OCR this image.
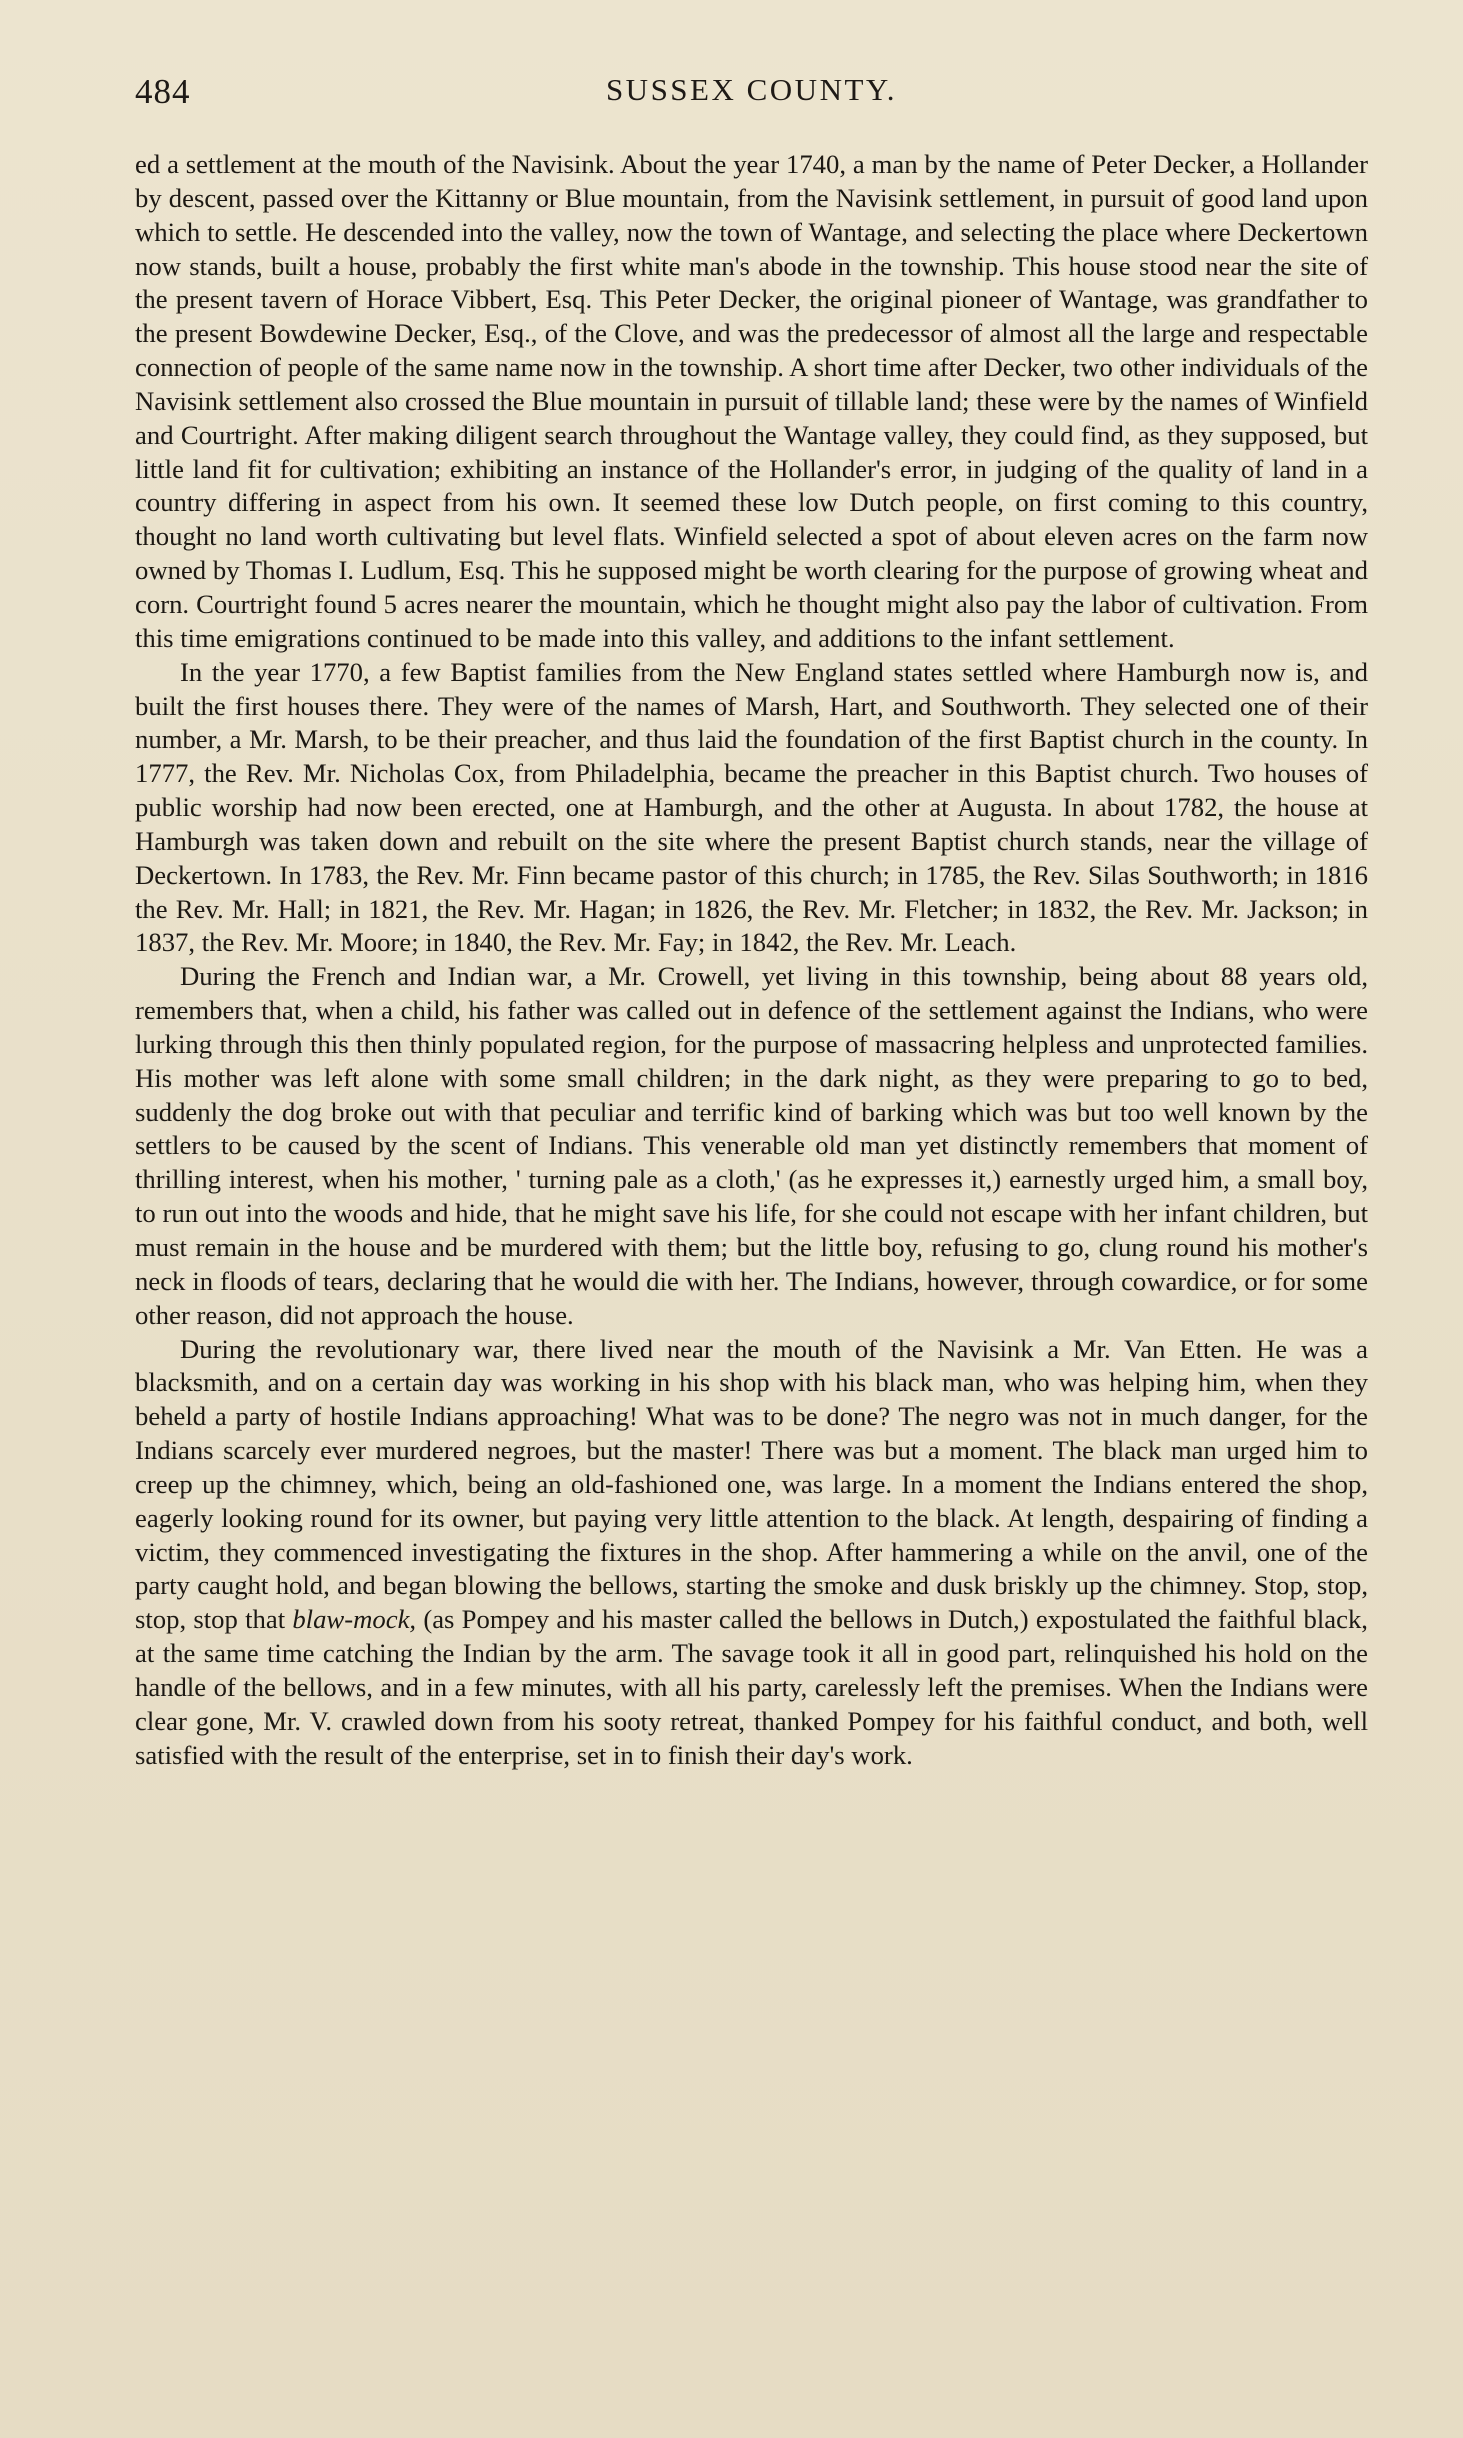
484	SUSSEX COUNTY.

ed a settlement at the mouth of the Navisink. About the year 1740, a man by the name of Peter Decker, a Hollander by descent, passed over the Kittanny or Blue mountain, from the Navisink settlement, in pursuit of good land upon which to settle. He descended into the valley, now the town of Wantage, and selecting the place where Deckertown now stands, built a house, probably the first white man's abode in the township. This house stood near the site of the present tavern of Horace Vibbert, Esq. This Peter Decker, the original pioneer of Wantage, was grandfather to the present Bowdewine Decker, Esq., of the Clove, and was the predecessor of almost all the large and respectable connection of people of the same name now in the township. A short time after Decker, two other individuals of the Navisink settlement also crossed the Blue mountain in pursuit of tillable land; these were by the names of Winfield and Courtright. After making diligent search throughout the Wantage valley, they could find, as they supposed, but little land fit for cultivation; exhibiting an instance of the Hollander's error, in judging of the quality of land in a country differing in aspect from his own. It seemed these low Dutch people, on first coming to this country, thought no land worth cultivating but level flats. Winfield selected a spot of about eleven acres on the farm now owned by Thomas I. Ludlum, Esq. This he supposed might be worth clearing for the purpose of growing wheat and corn. Courtright found 5 acres nearer the mountain, which he thought might also pay the labor of cultivation. From this time emigrations continued to be made into this valley, and additions to the infant settlement.

In the year 1770, a few Baptist families from the New England states settled where Hamburgh now is, and built the first houses there. They were of the names of Marsh, Hart, and Southworth. They selected one of their number, a Mr. Marsh, to be their preacher, and thus laid the foundation of the first Baptist church in the county. In 1777, the Rev. Mr. Nicholas Cox, from Philadelphia, became the preacher in this Baptist church. Two houses of public worship had now been erected, one at Hamburgh, and the other at Augusta. In about 1782, the house at Hamburgh was taken down and rebuilt on the site where the present Baptist church stands, near the village of Deckertown. In 1783, the Rev. Mr. Finn became pastor of this church; in 1785, the Rev. Silas Southworth; in 1816 the Rev. Mr. Hall; in 1821, the Rev. Mr. Hagan; in 1826, the Rev. Mr. Fletcher; in 1832, the Rev. Mr. Jackson; in 1837, the Rev. Mr. Moore; in 1840, the Rev. Mr. Fay; in 1842, the Rev. Mr. Leach.

During the French and Indian war, a Mr. Crowell, yet living in this township, being about 88 years old, remembers that, when a child, his father was called out in defence of the settlement against the Indians, who were lurking through this then thinly populated region, for the purpose of massacring helpless and unprotected families. His mother was left alone with some small children; in the dark night, as they were preparing to go to bed, suddenly the dog broke out with that peculiar and terrific kind of barking which was but too well known by the settlers to be caused by the scent of Indians. This venerable old man yet distinctly remembers that moment of thrilling interest, when his mother, ' turning pale as a cloth,' (as he expresses it,) earnestly urged him, a small boy, to run out into the woods and hide, that he might save his life, for she could not escape with her infant children, but must remain in the house and be murdered with them; but the little boy, refusing to go, clung round his mother's neck in floods of tears, declaring that he would die with her. The Indians, however, through cowardice, or for some other reason, did not approach the house.

During the revolutionary war, there lived near the mouth of the Navisink a Mr. Van Etten. He was a blacksmith, and on a certain day was working in his shop with his black man, who was helping him, when they beheld a party of hostile Indians approaching! What was to be done? The negro was not in much danger, for the Indians scarcely ever murdered negroes, but the master! There was but a moment. The black man urged him to creep up the chimney, which, being an old-fashioned one, was large. In a moment the Indians entered the shop, eagerly looking round for its owner, but paying very little attention to the black. At length, despairing of finding a victim, they commenced investigating the fixtures in the shop. After hammering a while on the anvil, one of the party caught hold, and began blowing the bellows, starting the smoke and dusk briskly up the chimney. Stop, stop, stop, stop that blaw-mock, (as Pompey and his master called the bellows in Dutch,) expostulated the faithful black, at the same time catching the Indian by the arm. The savage took it all in good part, relinquished his hold on the handle of the bellows, and in a few minutes, with all his party, carelessly left the premises. When the Indians were clear gone, Mr. V. crawled down from his sooty retreat, thanked Pompey for his faithful conduct, and both, well satisfied with the result of the enterprise, set in to finish their day's work.
